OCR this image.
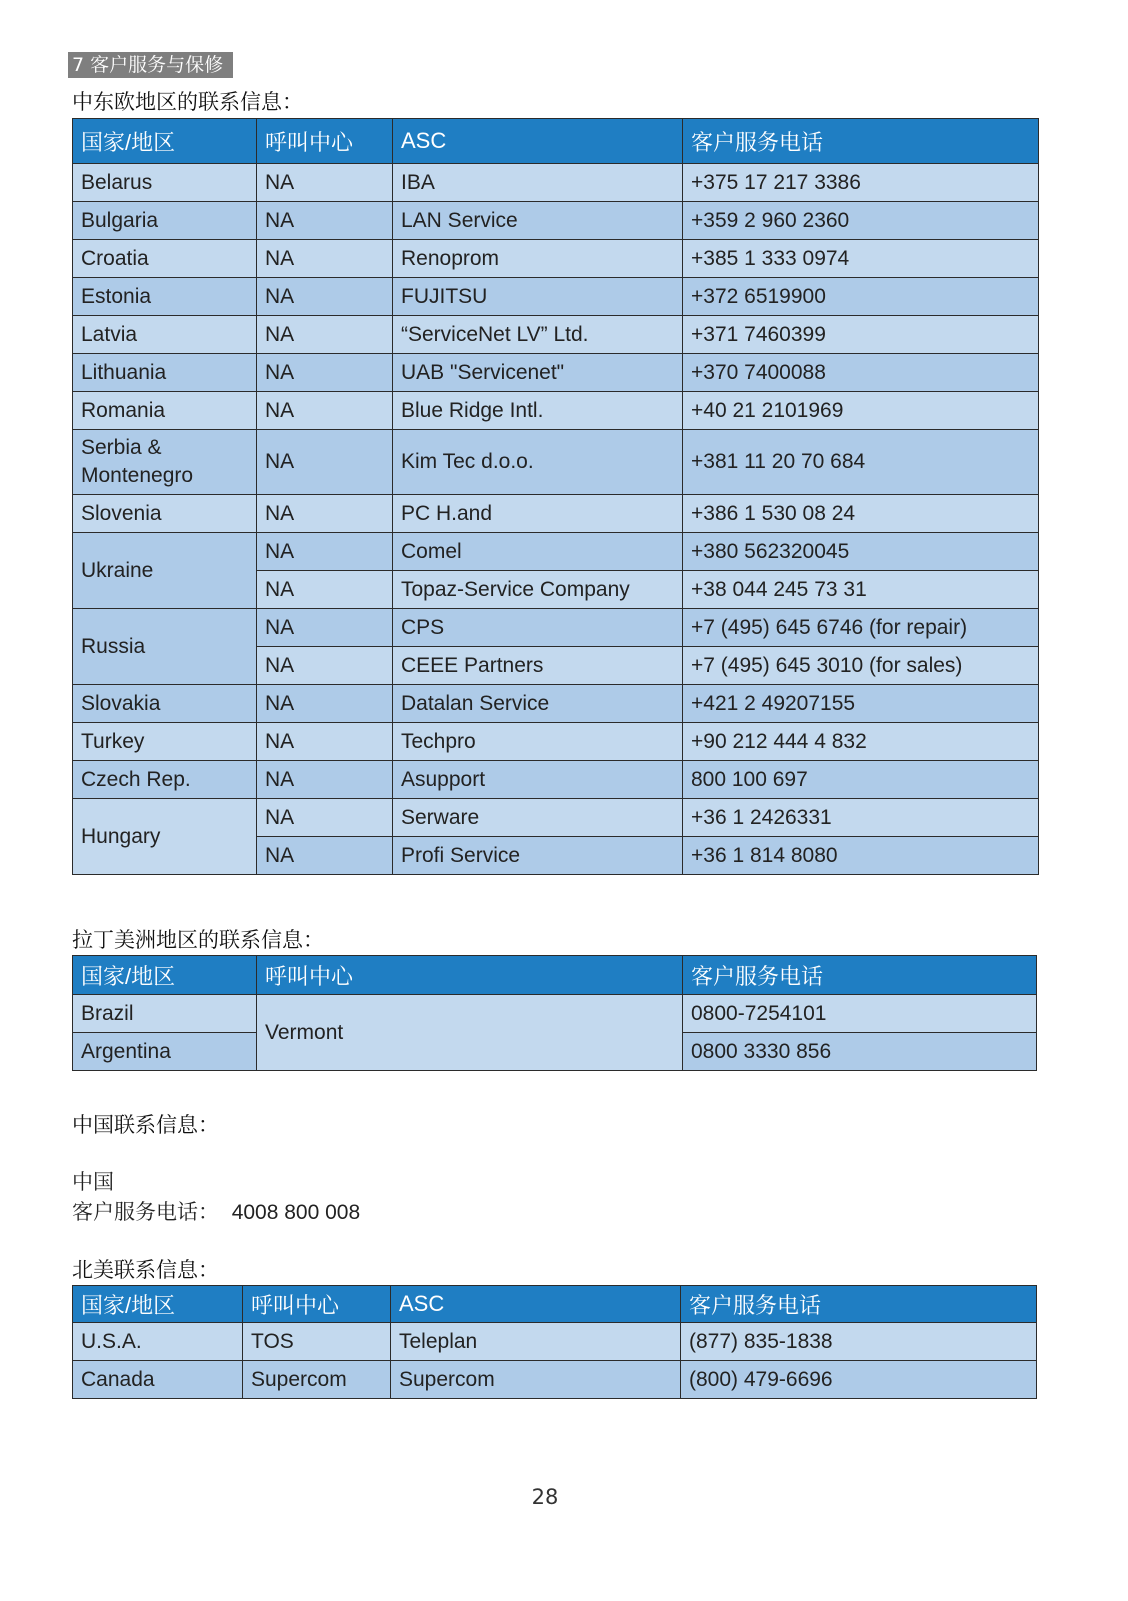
7 客户服务与保修
中东欧地区的联系信息：
国家/地区	呼叫中心	ASC	客户服务电话
Belarus	NA	IBA	+375 17 217 3386
Bulgaria	NA	LAN Service	+359 2 960 2360
Croatia	NA	Renoprom	+385 1 333 0974
Estonia	NA	FUJITSU	+372 6519900
Latvia	NA	“ServiceNet LV” Ltd.	+371 7460399
Lithuania	NA	UAB "Servicenet"	+370 7400088
Romania	NA	Blue Ridge Intl.	+40 21 2101969
Serbia & Montenegro	NA	Kim Tec d.o.o.	+381 11 20 70 684
Slovenia	NA	PC H.and	+386 1 530 08 24
Ukraine	NA	Comel	+380 562320045
	NA	Topaz-Service Company	+38 044 245 73 31
Russia	NA	CPS	+7 (495) 645 6746 (for repair)
	NA	CEEE Partners	+7 (495) 645 3010 (for sales)
Slovakia	NA	Datalan Service	+421 2 49207155
Turkey	NA	Techpro	+90 212 444 4 832
Czech Rep.	NA	Asupport	800 100 697
Hungary	NA	Serware	+36 1 2426331
	NA	Profi Service	+36 1 814 8080
拉丁美洲地区的联系信息：
国家/地区	呼叫中心	客户服务电话
Brazil	Vermont	0800-7254101
Argentina		0800 3330 856
中国联系信息：
中国
客户服务电话： 4008 800 008
北美联系信息：
国家/地区	呼叫中心	ASC	客户服务电话
U.S.A.	TOS	Teleplan	(877) 835-1838
Canada	Supercom	Supercom	(800) 479-6696
28
